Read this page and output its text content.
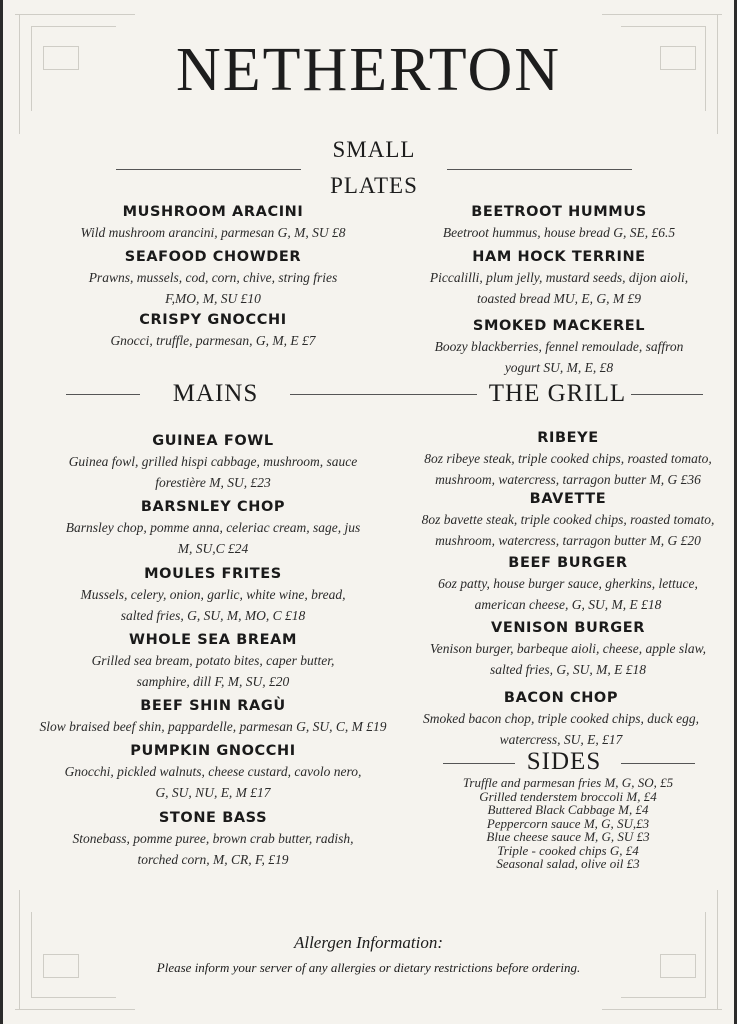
NETHERTON
SMALL
PLATES
MAINS	THE GRILL
SIDES
MUSHROOM ARACINI
Wild mushroom arancini, parmesan G, M, SU £8
SEAFOOD CHOWDER
Prawns, mussels, cod, corn, chive, string fries
F,MO, M, SU £10
CRISPY GNOCCHI
Gnocci, truffle, parmesan, G, M, E £7
BEETROOT HUMMUS
Beetroot hummus, house bread G, SE, £6.5
HAM HOCK TERRINE
Piccalilli, plum jelly, mustard seeds, dijon aioli,
toasted bread MU, E, G, M £9
SMOKED MACKEREL
Boozy blackberries, fennel remoulade, saffron
yogurt SU, M, E, £8
GUINEA FOWL
Guinea fowl, grilled hispi cabbage, mushroom, sauce
forestière M, SU, £23
BARSNLEY CHOP
Barnsley chop, pomme anna, celeriac cream, sage, jus
M, SU,C £24
MOULES FRITES
Mussels, celery, onion, garlic, white wine, bread,
salted fries, G, SU, M, MO, C £18
WHOLE SEA BREAM
Grilled sea bream, potato bites, caper butter,
samphire, dill F, M, SU, £20
BEEF SHIN RAGÙ
Slow braised beef shin, pappardelle, parmesan G, SU, C, M £19
PUMPKIN GNOCCHI
Gnocchi, pickled walnuts, cheese custard, cavolo nero,
G, SU, NU, E, M £17
STONE BASS
Stonebass, pomme puree, brown crab butter, radish,
torched corn, M, CR, F, £19
RIBEYE
8oz ribeye steak, triple cooked chips, roasted tomato,
mushroom, watercress, tarragon butter M, G £36
BAVETTE
8oz bavette steak, triple cooked chips, roasted tomato,
mushroom, watercress, tarragon butter M, G £20
BEEF BURGER
6oz patty, house burger sauce, gherkins, lettuce,
american cheese, G, SU, M, E £18
VENISON BURGER
Venison burger, barbeque aioli, cheese, apple slaw,
salted fries, G, SU, M, E £18
BACON CHOP
Smoked bacon chop, triple cooked chips, duck egg,
watercress, SU, E, £17
Truffle and parmesan fries M, G, SO, £5
Grilled tenderstem broccoli M, £4
Buttered Black Cabbage M, £4
Peppercorn sauce M, G, SU,£3
Blue cheese sauce M, G, SU £3
Triple - cooked chips G, £4
Seasonal salad, olive oil £3
Allergen Information:
Please inform your server of any allergies or dietary restrictions before ordering.
